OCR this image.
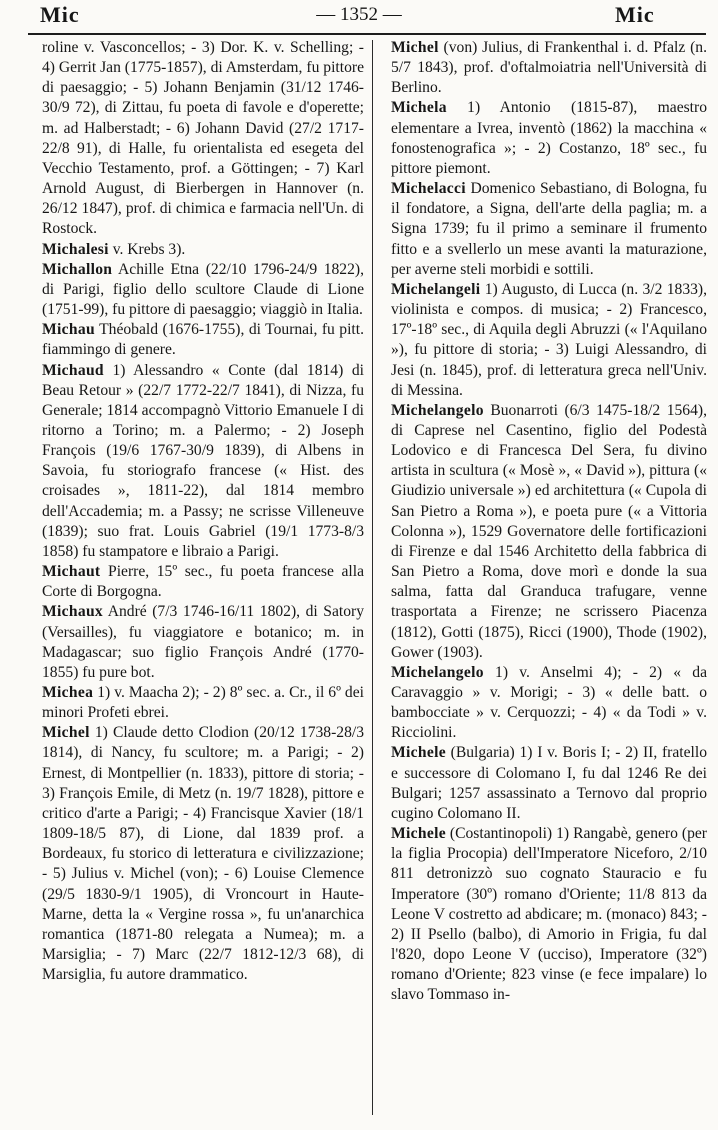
Mic	— 1352 —	Mic

roline v. Vasconcellos; - 3) Dor. K. v. Schelling; - 4) Gerrit Jan (1775-1857), di Amsterdam, fu pittore di paesaggio; - 5) Johann Benjamin (31/12 1746-30/9 72), di Zittau, fu poeta di favole e d'operette; m. ad Halberstadt; - 6) Johann David (27/2 1717-22/8 91), di Halle, fu orientalista ed esegeta del Vecchio Testamento, prof. a Göttingen; - 7) Karl Arnold August, di Bierbergen in Hannover (n. 26/12 1847), prof. di chimica e farmacia nell'Un. di Rostock.

Michalesi v. Krebs 3).

Michallon Achille Etna (22/10 1796-24/9 1822), di Parigi, figlio dello scultore Claude di Lione (1751-99), fu pittore di paesaggio; viaggiò in Italia.

Michau Théobald (1676-1755), di Tournai, fu pitt. fiammingo di genere.

Michaud 1) Alessandro « Conte (dal 1814) di Beau Retour » (22/7 1772-22/7 1841), di Nizza, fu Generale; 1814 accompagnò Vittorio Emanuele I di ritorno a Torino; m. a Palermo; - 2) Joseph François (19/6 1767-30/9 1839), di Albens in Savoia, fu storiografo francese (« Hist. des croisades », 1811-22), dal 1814 membro dell'Accademia; m. a Passy; ne scrisse Villeneuve (1839); suo frat. Louis Gabriel (19/1 1773-8/3 1858) fu stampatore e libraio a Parigi.

Michaut Pierre, 15º sec., fu poeta francese alla Corte di Borgogna.

Michaux André (7/3 1746-16/11 1802), di Satory (Versailles), fu viaggiatore e botanico; m. in Madagascar; suo figlio François André (1770-1855) fu pure bot.

Michea 1) v. Maacha 2); - 2) 8º sec. a. Cr., il 6º dei minori Profeti ebrei.

Michel 1) Claude detto Clodion (20/12 1738-28/3 1814), di Nancy, fu scultore; m. a Parigi; - 2) Ernest, di Montpellier (n. 1833), pittore di storia; - 3) François Emile, di Metz (n. 19/7 1828), pittore e critico d'arte a Parigi; - 4) Francisque Xavier (18/1 1809-18/5 87), di Lione, dal 1839 prof. a Bordeaux, fu storico di letteratura e civilizzazione; - 5) Julius v. Michel (von); - 6) Louise Clemence (29/5 1830-9/1 1905), di Vroncourt in Haute-Marne, detta la « Vergine rossa », fu un'anarchica romantica (1871-80 relegata a Numea); m. a Marsiglia; - 7) Marc (22/7 1812-12/3 68), di Marsiglia, fu autore drammatico.

Michel (von) Julius, di Frankenthal i. d. Pfalz (n. 5/7 1843), prof. d'oftalmoiatria nell'Università di Berlino.

Michela 1) Antonio (1815-87), maestro elementare a Ivrea, inventò (1862) la macchina « fonostenografica »; - 2) Costanzo, 18º sec., fu pittore piemont.

Michelacci Domenico Sebastiano, di Bologna, fu il fondatore, a Signa, dell'arte della paglia; m. a Signa 1739; fu il primo a seminare il frumento fitto e a svellerlo un mese avanti la maturazione, per averne steli morbidi e sottili.

Michelangeli 1) Augusto, di Lucca (n. 3/2 1833), violinista e compos. di musica; - 2) Francesco, 17º-18º sec., di Aquila degli Abruzzi (« l'Aquilano »), fu pittore di storia; - 3) Luigi Alessandro, di Jesi (n. 1845), prof. di letteratura greca nell'Univ. di Messina.

Michelangelo Buonarroti (6/3 1475-18/2 1564), di Caprese nel Casentino, figlio del Podestà Lodovico e di Francesca Del Sera, fu divino artista in scultura (« Mosè », « David »), pittura (« Giudizio universale ») ed architettura (« Cupola di San Pietro a Roma »), e poeta pure (« a Vittoria Colonna »), 1529 Governatore delle fortificazioni di Firenze e dal 1546 Architetto della fabbrica di San Pietro a Roma, dove morì e donde la sua salma, fatta dal Granduca trafugare, venne trasportata a Firenze; ne scrissero Piacenza (1812), Gotti (1875), Ricci (1900), Thode (1902), Gower (1903).

Michelangelo 1) v. Anselmi 4); - 2) « da Caravaggio » v. Morigi; - 3) « delle batt. o bambocciate » v. Cerquozzi; - 4) « da Todi » v. Ricciolini.

Michele (Bulgaria) 1) I v. Boris I; - 2) II, fratello e successore di Colomano I, fu dal 1246 Re dei Bulgari; 1257 assassinato a Ternovo dal proprio cugino Colomano II.

Michele (Costantinopoli) 1) Rangabè, genero (per la figlia Procopia) dell'Imperatore Niceforo, 2/10 811 detronizzò suo cognato Stauracio e fu Imperatore (30º) romano d'Oriente; 11/8 813 da Leone V costretto ad abdicare; m. (monaco) 843; - 2) II Psello (balbo), di Amorio in Frigia, fu dal l'820, dopo Leone V (ucciso), Imperatore (32º) romano d'Oriente; 823 vinse (e fece impalare) lo slavo Tommaso in-
